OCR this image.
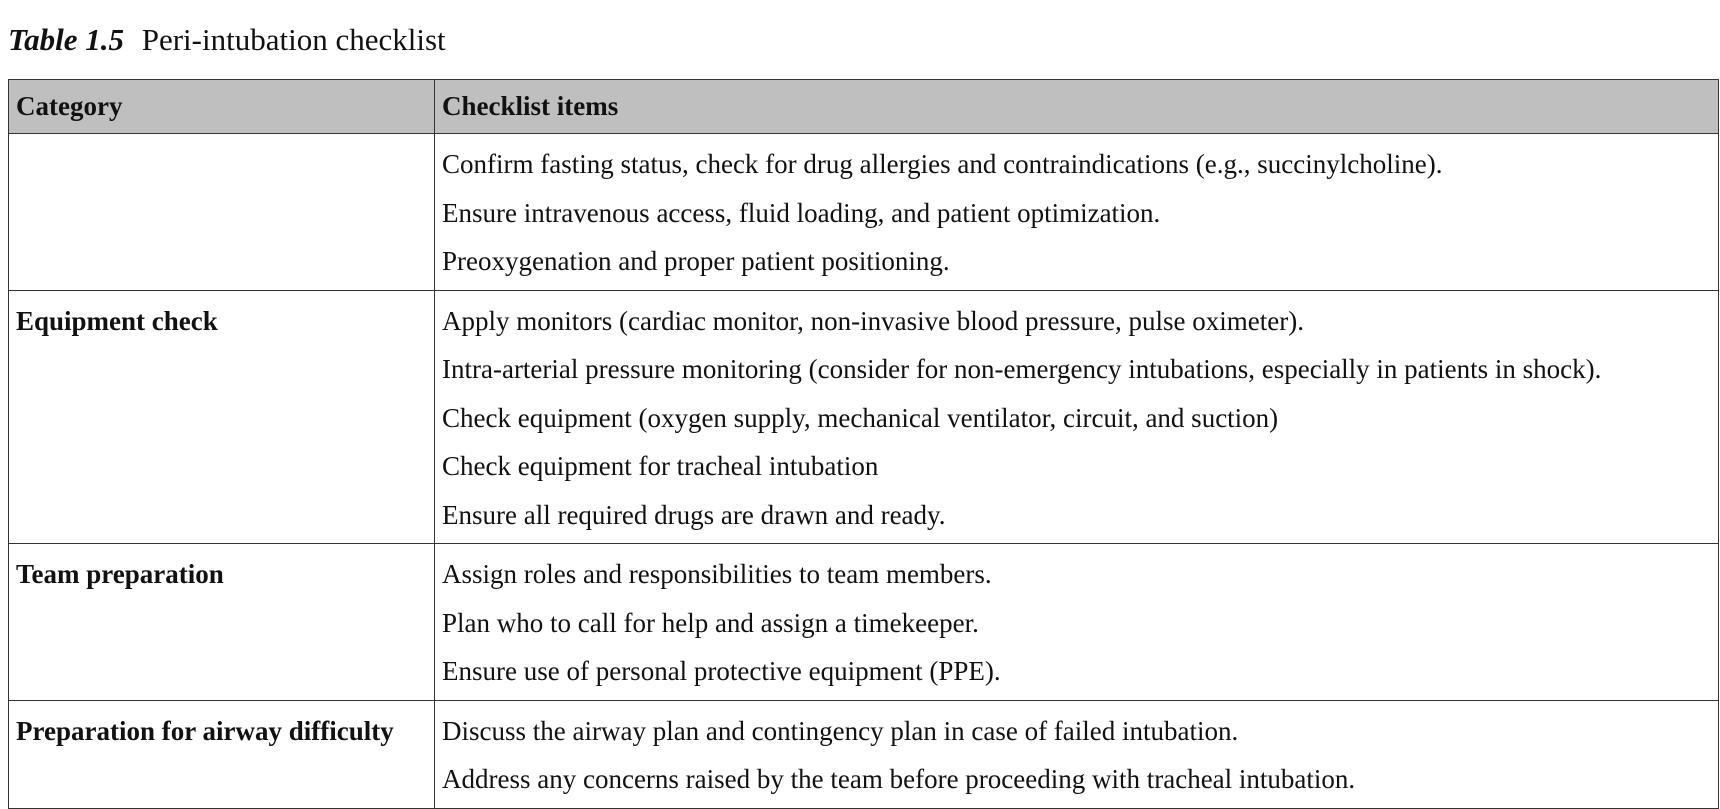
Table 1.5 Peri-intubation checklist
Category	Checklist items

	Confirm fasting status, check for drug allergies and contraindications (e.g., succinylcholine).
Ensure intravenous access, fluid loading, and patient optimization.
Preoxygenation and proper patient positioning.

Equipment check	Apply monitors (cardiac monitor, non-invasive blood pressure, pulse oximeter).
Intra-arterial pressure monitoring (consider for non-emergency intubations, especially in patients in shock).
Check equipment (oxygen supply, mechanical ventilator, circuit, and suction)
Check equipment for tracheal intubation
Ensure all required drugs are drawn and ready.

Team preparation	Assign roles and responsibilities to team members.
Plan who to call for help and assign a timekeeper.
Ensure use of personal protective equipment (PPE).

Preparation for airway difficulty	Discuss the airway plan and contingency plan in case of failed intubation.
Address any concerns raised by the team before proceeding with tracheal intubation.
